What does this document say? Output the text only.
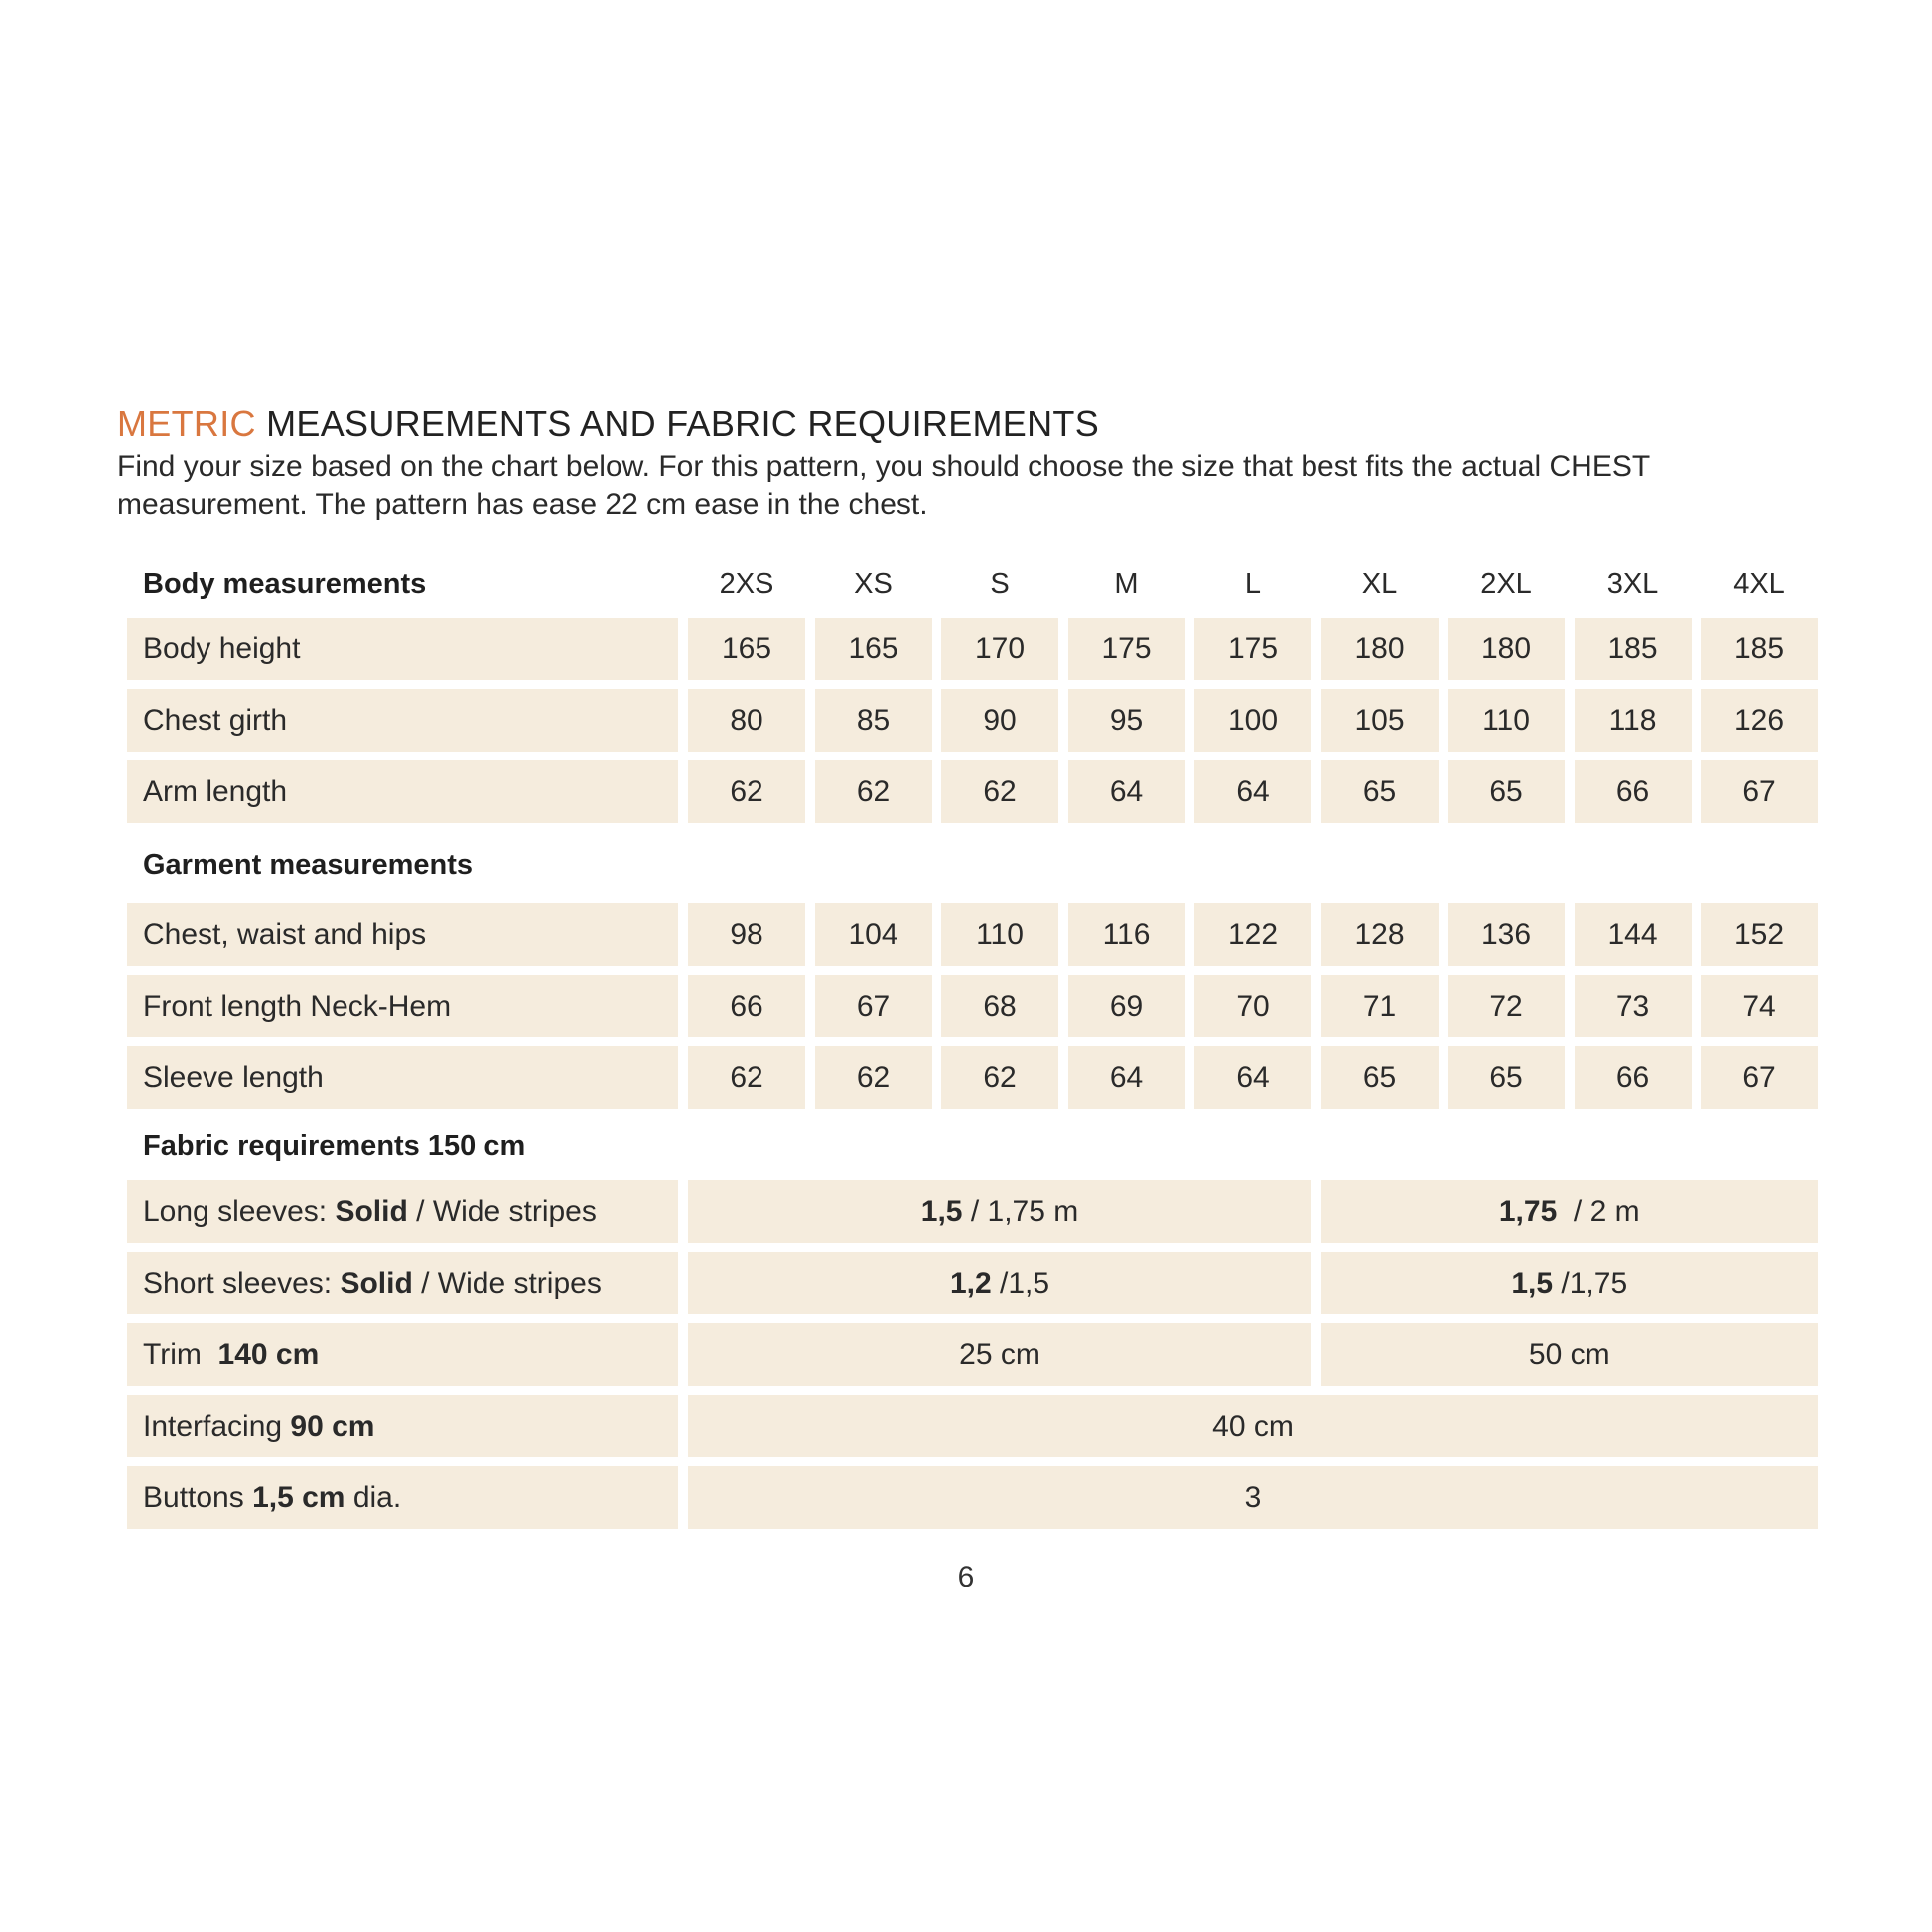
METRIC MEASUREMENTS AND FABRIC REQUIREMENTS

Find your size based on the chart below. For this pattern, you should choose the size that best fits the actual CHEST

measurement. The pattern has ease 22 cm ease in the chest.

Body measurements	2XS	XS	S	M	L	XL	2XL	3XL	4XL
Body height	165	165	170	175	175	180	180	185	185
Chest girth	80	85	90	95	100	105	110	118	126
Arm length	62	62	62	64	64	65	65	66	67
Garment measurements
Chest, waist and hips	98	104	110	116	122	128	136	144	152
Front length Neck-Hem	66	67	68	69	70	71	72	73	74
Sleeve length	62	62	62	64	64	65	65	66	67
Fabric requirements 150 cm
Long sleeves: Solid / Wide stripes	1,5 / 1,75 m	1,75 / 2 m
Short sleeves: Solid / Wide stripes	1,2 /1,5	1,5 /1,75
Trim 140 cm	25 cm	50 cm
Interfacing 90 cm	40 cm
Buttons 1,5 cm dia.	3
6
